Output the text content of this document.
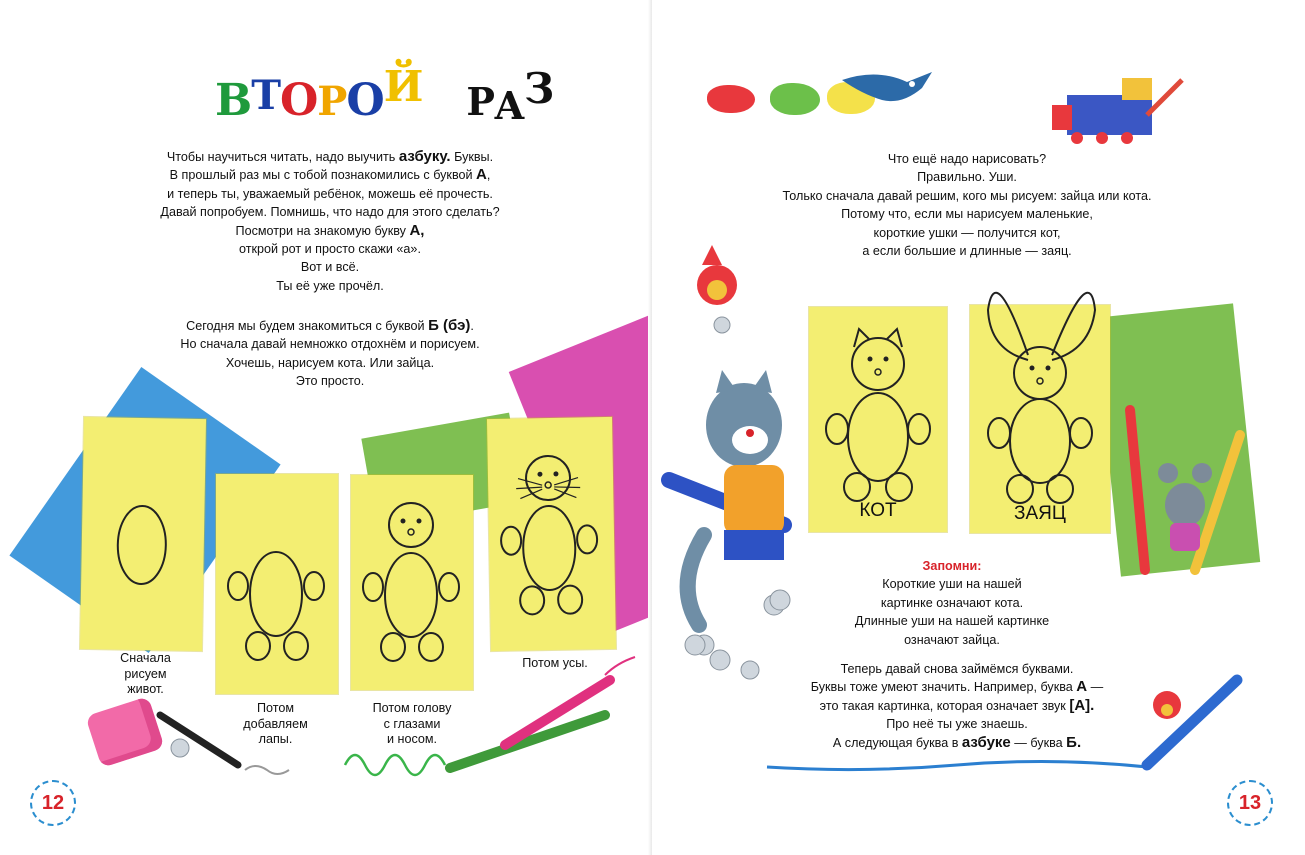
ВТОРОЙ РАЗ
Чтобы научиться читать, надо выучить азбуку. Буквы.
В прошлый раз мы с тобой познакомились с буквой А,
и теперь ты, уважаемый ребёнок, можешь её прочесть.
Давай попробуем. Помнишь, что надо для этого сделать?
Посмотри на знакомую букву А,
открой рот и просто скажи «а».
Вот и всё.
Ты её уже прочёл.
Сегодня мы будем знакомиться с буквой Б (бэ).
Но сначала давай немножко отдохнём и порисуем.
Хочешь, нарисуем кота. Или зайца.
Это просто.
Сначала
рисуем
живот.
Потом
добавляем
лапы.
Потом голову
с глазами
и носом.
Потом усы.
12
Что ещё надо нарисовать?
Правильно. Уши.
Только сначала давай решим, кого мы рисуем: зайца или кота.
Потому что, если мы нарисуем маленькие,
короткие ушки — получится кот,
а если большие и длинные — заяц.
КОТ	ЗАЯЦ
Запомни:
Короткие уши на нашей
картинке означают кота.
Длинные уши на нашей картинке
означают зайца.
Теперь давай снова займёмся буквами.
Буквы тоже умеют значить. Например, буква А —
это такая картинка, которая означает звук [А].
Про неё ты уже знаешь.
А следующая буква в азбуке — буква Б.
13
